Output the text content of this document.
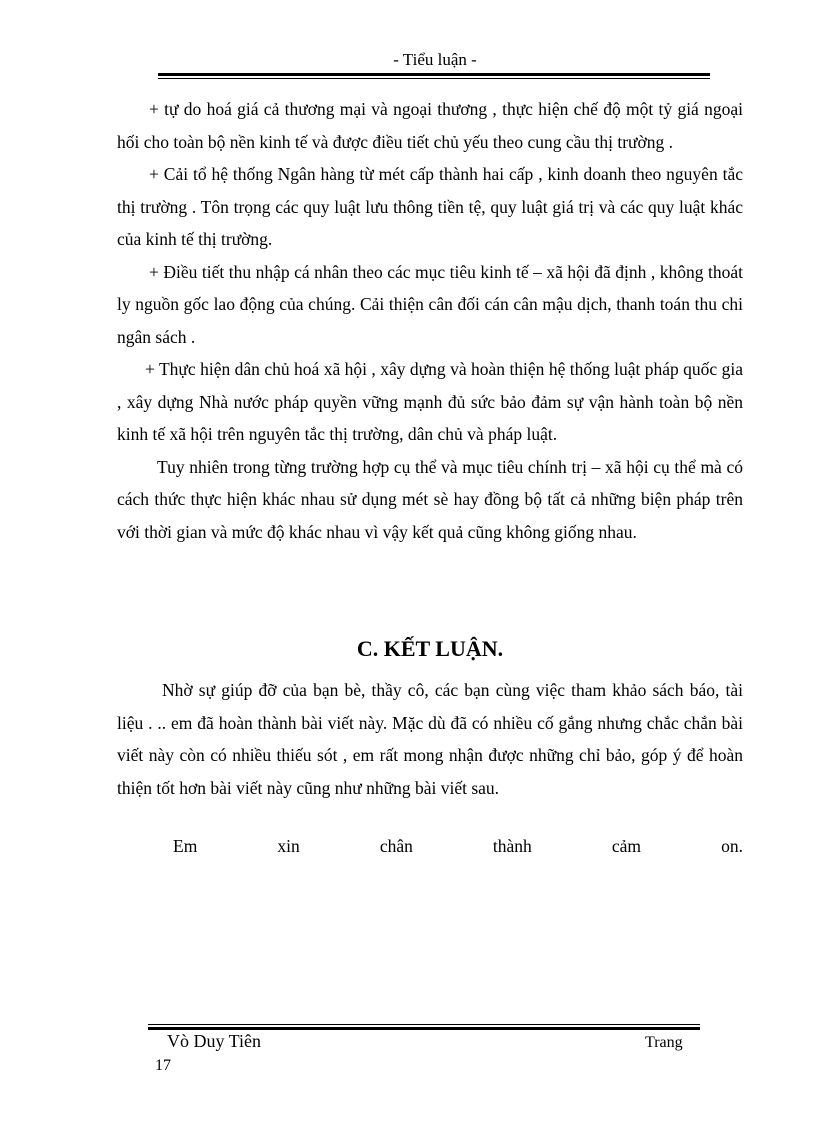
- Tiểu luận -

+ tự do hoá giá cả thương mại và ngoại thương , thực hiện chế độ một tỷ giá ngoại hối cho toàn bộ nền kinh tế và được điều tiết chủ yếu theo cung cầu thị trường .

+ Cải tổ hệ thống Ngân hàng từ mét cấp thành hai cấp , kinh doanh theo nguyên tắc thị trường . Tôn trọng các quy luật lưu thông tiền tệ, quy luật giá trị và các quy luật khác của kinh tế thị trường.

+ Điều tiết thu nhập cá nhân theo các mục tiêu kinh tế – xã hội đã định , không thoát ly nguồn gốc lao động của chúng. Cải thiện cân đối cán cân mậu dịch, thanh toán thu chi ngân sách .

+ Thực hiện dân chủ hoá xã hội , xây dựng và hoàn thiện hệ thống luật pháp quốc gia , xây dựng Nhà nước pháp quyền vững mạnh đủ sức bảo đảm sự vận hành toàn bộ nền kinh tế xã hội trên nguyên tắc thị trường, dân chủ và pháp luật.

Tuy nhiên trong từng trường hợp cụ thể và mục tiêu chính trị – xã hội cụ thể mà có cách thức thực hiện khác nhau sử dụng mét sè hay đồng bộ tất cả những biện pháp trên với thời gian và mức độ khác nhau vì vậy kết quả cũng không giống nhau.

C. KẾT LUẬN.

Nhờ sự giúp đỡ của bạn bè, thầy cô, các bạn cùng việc tham khảo sách báo, tài liệu . .. em đã hoàn thành bài viết này. Mặc dù đã có nhiều cố gắng nhưng chắc chắn bài viết này còn có nhiều thiếu sót , em rất mong nhận được những chỉ bảo, góp ý để hoàn thiện tốt hơn bài viết này cũng như những bài viết sau.

Em	xin	chân	thành	cảm	on.
Vò Duy Tiên	Trang
17
